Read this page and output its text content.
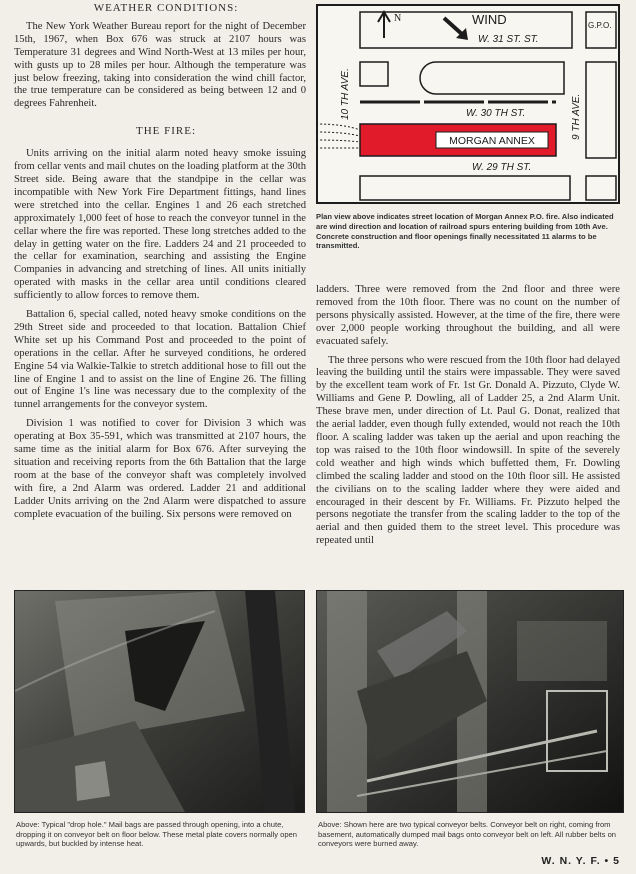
WEATHER CONDITIONS:

The New York Weather Bureau report for the night of December 15th, 1967, when Box 676 was struck at 2107 hours was Temperature 31 degrees and Wind North-West at 13 miles per hour, with gusts up to 28 miles per hour. Although the temperature was just below freezing, taking into consideration the wind chill factor, the true temperature can be considered as being between 12 and 0 degrees Fahrenheit.

THE FIRE:

Units arriving on the initial alarm noted heavy smoke issuing from cellar vents and mail chutes on the loading platform at the 30th Street side. Being aware that the standpipe in the cellar was incompatible with New York Fire Department fittings, hand lines were stretched into the cellar. Engines 1 and 26 each stretched approximately 1,000 feet of hose to reach the conveyor tunnel in the cellar where the fire was reported. These long stretches added to the delay in getting water on the fire. Ladders 24 and 21 proceeded to the cellar for examination, searching and assisting the Engine Companies in advancing and stretching of lines. All units initially operated with masks in the cellar area until conditions cleared sufficiently to allow forces to remove them.

Battalion 6, special called, noted heavy smoke conditions on the 29th Street side and proceeded to that location. Battalion Chief White set up his Command Post and proceeded to the point of operations in the cellar. After he surveyed conditions, he ordered Engine 54 via Walkie-Talkie to stretch additional hose to fill out the line of Engine 1 and to assist on the line of Engine 26. The filling out of Engine 1's line was necessary due to the complexity of the tunnel arrangements for the conveyor system.

Division 1 was notified to cover for Division 3 which was operating at Box 35-591, which was transmitted at 2107 hours, the same time as the initial alarm for Box 676. After surveying the situation and receiving reports from the 6th Battalion that the large room at the base of the conveyor shaft was completely involved with fire, a 2nd Alarm was ordered. Ladder 21 and additional Ladder Units arriving on the 2nd Alarm were dispatched to assure complete evacuation of the builing. Six persons were removed on

MORGAN ANNEX
N	WIND
W. 31 ST. ST.
W. 30 TH ST.
W. 29 TH ST.
G.P.O.
10 TH AVE.	9 TH AVE.
Plan view above indicates street location of Morgan Annex P.O. fire. Also indicated are wind direction and location of railroad spurs entering building from 10th Ave. Concrete construction and floor openings finally necessitated 11 alarms to be transmitted.

ladders. Three were removed from the 2nd floor and three were removed from the 10th floor. There was no count on the number of persons physically assisted. However, at the time of the fire, there were over 2,000 people working throughout the building, and all were evacuated safely.

The three persons who were rescued from the 10th floor had delayed leaving the building until the stairs were impassable. They were saved by the excellent team work of Fr. 1st Gr. Donald A. Pizzuto, Clyde W. Williams and Gene P. Dowling, all of Ladder 25, a 2nd Alarm Unit. These brave men, under direction of Lt. Paul G. Donat, realized that the aerial ladder, even though fully extended, would not reach the 10th floor. A scaling ladder was taken up the aerial and upon reaching the top was raised to the 10th floor windowsill. In spite of the severely cold weather and high winds which buffetted them, Fr. Dowling climbed the scaling ladder and stood on the 10th floor sill. He assisted the civilians on to the scaling ladder where they were aided and encouraged in their descent by Fr. Williams. Fr. Pizzuto helped the persons negotiate the transfer from the scaling ladder to the top of the aerial and then guided them to the street level. This procedure was repeated until

Above: Typical "drop hole." Mail bags are passed through opening, into a chute, dropping it on conveyor belt on floor below. These metal plate covers normally open upwards, but buckled by intense heat.
Above: Shown here are two typical conveyor belts. Conveyor belt on right, coming from basement, automatically dumped mail bags onto conveyor belt on left. All rubber belts on conveyors were burned away.
W. N. Y. F. • 5
